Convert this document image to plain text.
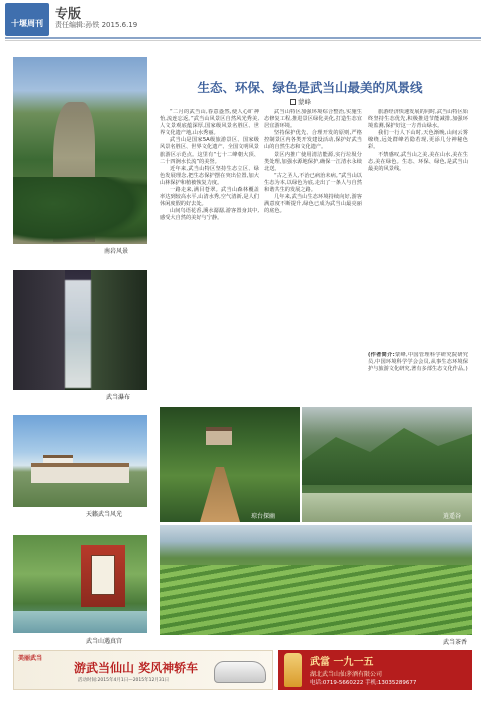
十堰周刊
专版
责任编辑:孙铁 2015.6.19
南岩风景
武当瀑布
天籁武当风光
武当山遇真宫
生态、环保、绿色是武当山最美的风景线
蒙峰

“二月的武当山,春意盎然,使人心旷神怡,流连忘返。”武当山风景区自然风光秀美,人文景观底蕴深厚,国家级风景名胜区、世界文化遗产地,山水秀丽。

武当山是国家5A级旅游景区、国家级风景名胜区、世界文化遗产、全国文明风景旅游区示范点。这里有“七十二峰朝大顶、二十四涧水长流”的美誉。

近年来,武当山特区坚持生态立区、绿色发展理念,把生态保护摆在突出位置,加大山林保护和植被恢复力度。

一路走来,满目苍翠。武当山森林覆盖率达到较高水平,山清水秀,空气清新,是人们休闲度假的好去处。

山间鸟语花香,溪水潺潺,游客置身其中,感受大自然的美好与宁静。

武当山特区加强环境综合整治,实施生态修复工程,推进景区绿化美化,打造生态宜居宜游环境。

坚持保护优先、合理开发的原则,严格控制景区内各类开发建设活动,保护好武当山的自然生态和文化遗产。

景区内推广使用清洁能源,实行垃圾分类处理,加强水源地保护,确保一江清水永续北送。

“古之圣人,不治已病治未病。”武当山以生态为本,以绿色为底,走出了一条人与自然和谐共生的发展之路。

几年来,武当山生态环境持续向好,游客满意度不断提升,绿色已成为武当山最亮丽的底色。

旅游经济快速发展的同时,武当山特区始终坚持生态优先,积极推进节能减排,加强环境监测,保护好这一方青山绿水。

我们一行人下山时,天色渐晚,山间云雾缭绕,远处群峰若隐若现,更添几分神秘色彩。

不禁感叹,武当山之美,美在山水,美在生态,美在绿色。生态、环保、绿色,是武当山最美的风景线。

(作者简介:蒙峰,中国管理科学研究院研究员,中国环境科学学会会员,从事生态环境保护与旅游文化研究,著有多部生态文化作品。)
琼台探幽	逍遥谷
武当茶香
美丽武当
游武当仙山 奖风神轿车
活动时间:2015年4月1日—2015年12月31日
武當 一九一五
湖北武当山仙茅酒有限公司
电话:0719-5660222 手机:13035289677
